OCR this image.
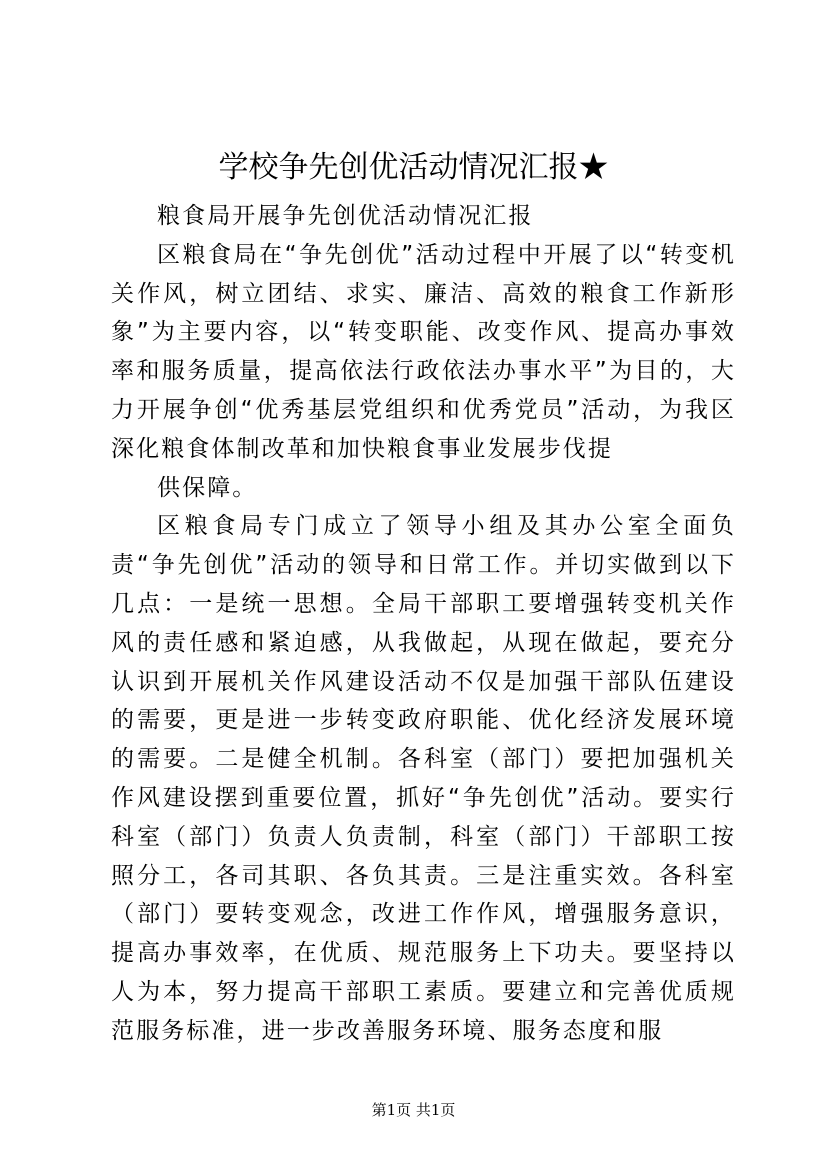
学校争先创优活动情况汇报★

粮食局开展争先创优活动情况汇报

区粮食局在“争先创优”活动过程中开展了以“转变机关作风，树立团结、求实、廉洁、高效的粮食工作新形象”为主要内容，以“转变职能、改变作风、提高办事效率和服务质量，提高依法行政依法办事水平”为目的，大力开展争创“优秀基层党组织和优秀党员”活动，为我区深化粮食体制改革和加快粮食事业发展步伐提

供保障。

区粮食局专门成立了领导小组及其办公室全面负责“争先创优”活动的领导和日常工作。并切实做到以下几点：一是统一思想。全局干部职工要增强转变机关作风的责任感和紧迫感，从我做起，从现在做起，要充分认识到开展机关作风建设活动不仅是加强干部队伍建设的需要，更是进一步转变政府职能、优化经济发展环境的需要。二是健全机制。各科室（部门）要把加强机关作风建设摆到重要位置，抓好“争先创优”活动。要实行科室（部门）负责人负责制，科室（部门）干部职工按照分工，各司其职、各负其责。三是注重实效。各科室（部门）要转变观念，改进工作作风，增强服务意识，提高办事效率，在优质、规范服务上下功夫。要坚持以人为本，努力提高干部职工素质。要建立和完善优质规范服务标准，进一步改善服务环境、服务态度和服

第1页 共1页
